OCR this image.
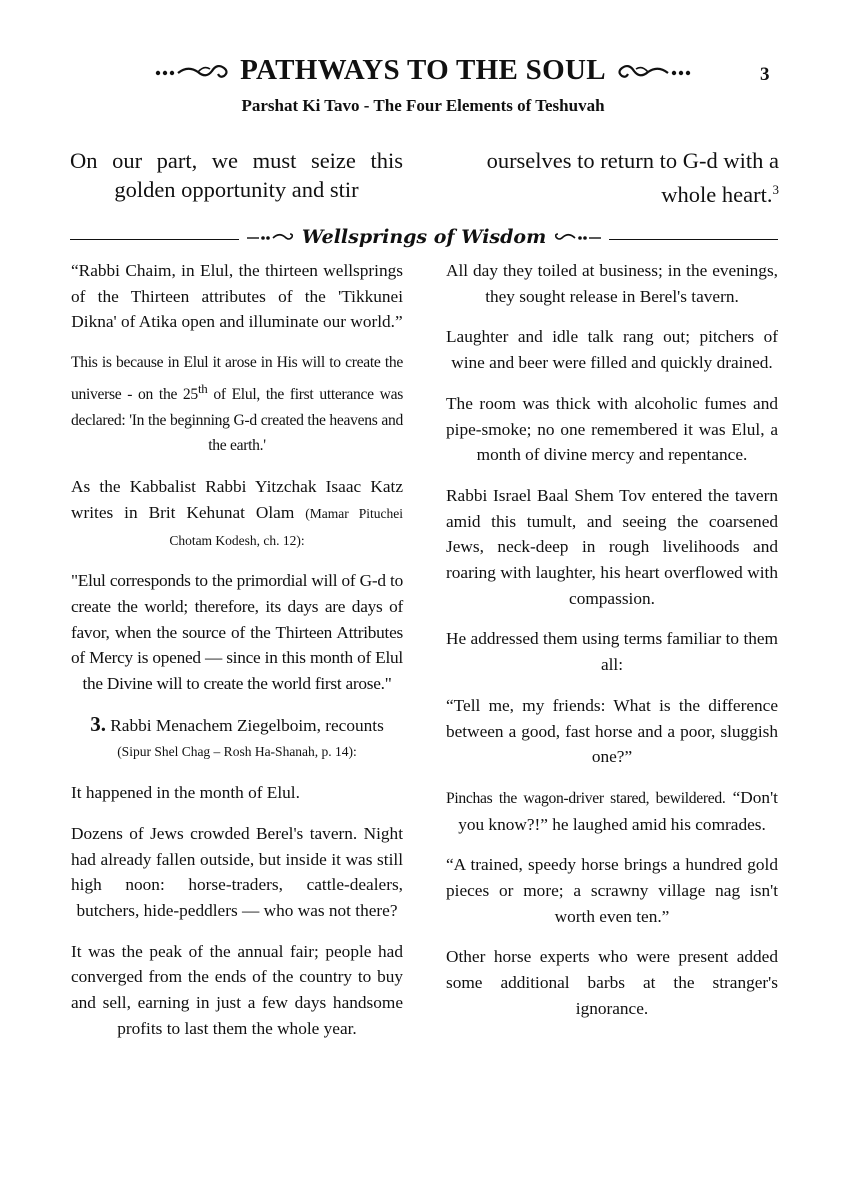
PATHWAYS TO THE SOUL	3
Parshat Ki Tavo - The Four Elements of Teshuvah
On our part, we must seize this golden opportunity and stir
ourselves to return to G-d with a
whole heart.$^3$
Wellsprings of Wisdom

“Rabbi Chaim, in Elul, the thirteen wellsprings of the Thirteen attributes of the 'Tikkunei Dikna' of Atika open and illuminate our world.”

This is because in Elul it arose in His will to create the universe - on the 25th of Elul, the first utterance was declared: 'In the beginning G-d created the heavens and the earth.'

As the Kabbalist Rabbi Yitzchak Isaac Katz writes in Brit Kehunat Olam (Mamar Pituchei Chotam Kodesh, ch. 12):

"Elul corresponds to the primordial will of G-d to create the world; therefore, its days are days of favor, when the source of the Thirteen Attributes of Mercy is opened — since in this month of Elul the Divine will to create the world first arose."

3. Rabbi Menachem Ziegelboim, recounts
(Sipur Shel Chag – Rosh Ha-Shanah, p. 14):

It happened in the month of Elul.

Dozens of Jews crowded Berel's tavern. Night had already fallen outside, but inside it was still high noon: horse-traders, cattle-dealers, butchers, hide-peddlers — who was not there?

It was the peak of the annual fair; people had converged from the ends of the country to buy and sell, earning in just a few days handsome profits to last them the whole year.

All day they toiled at business; in the evenings, they sought release in Berel's tavern.

Laughter and idle talk rang out; pitchers of wine and beer were filled and quickly drained.

The room was thick with alcoholic fumes and pipe-smoke; no one remembered it was Elul, a month of divine mercy and repentance.

Rabbi Israel Baal Shem Tov entered the tavern amid this tumult, and seeing the coarsened Jews, neck-deep in rough livelihoods and roaring with laughter, his heart overflowed with compassion.

He addressed them using terms familiar to them all:

“Tell me, my friends: What is the difference between a good, fast horse and a poor, sluggish one?”

Pinchas the wagon-driver stared, bewildered. “Don't you know?!” he laughed amid his comrades.

“A trained, speedy horse brings a hundred gold pieces or more; a scrawny village nag isn't worth even ten.”

Other horse experts who were present added some additional barbs at the stranger's ignorance.
